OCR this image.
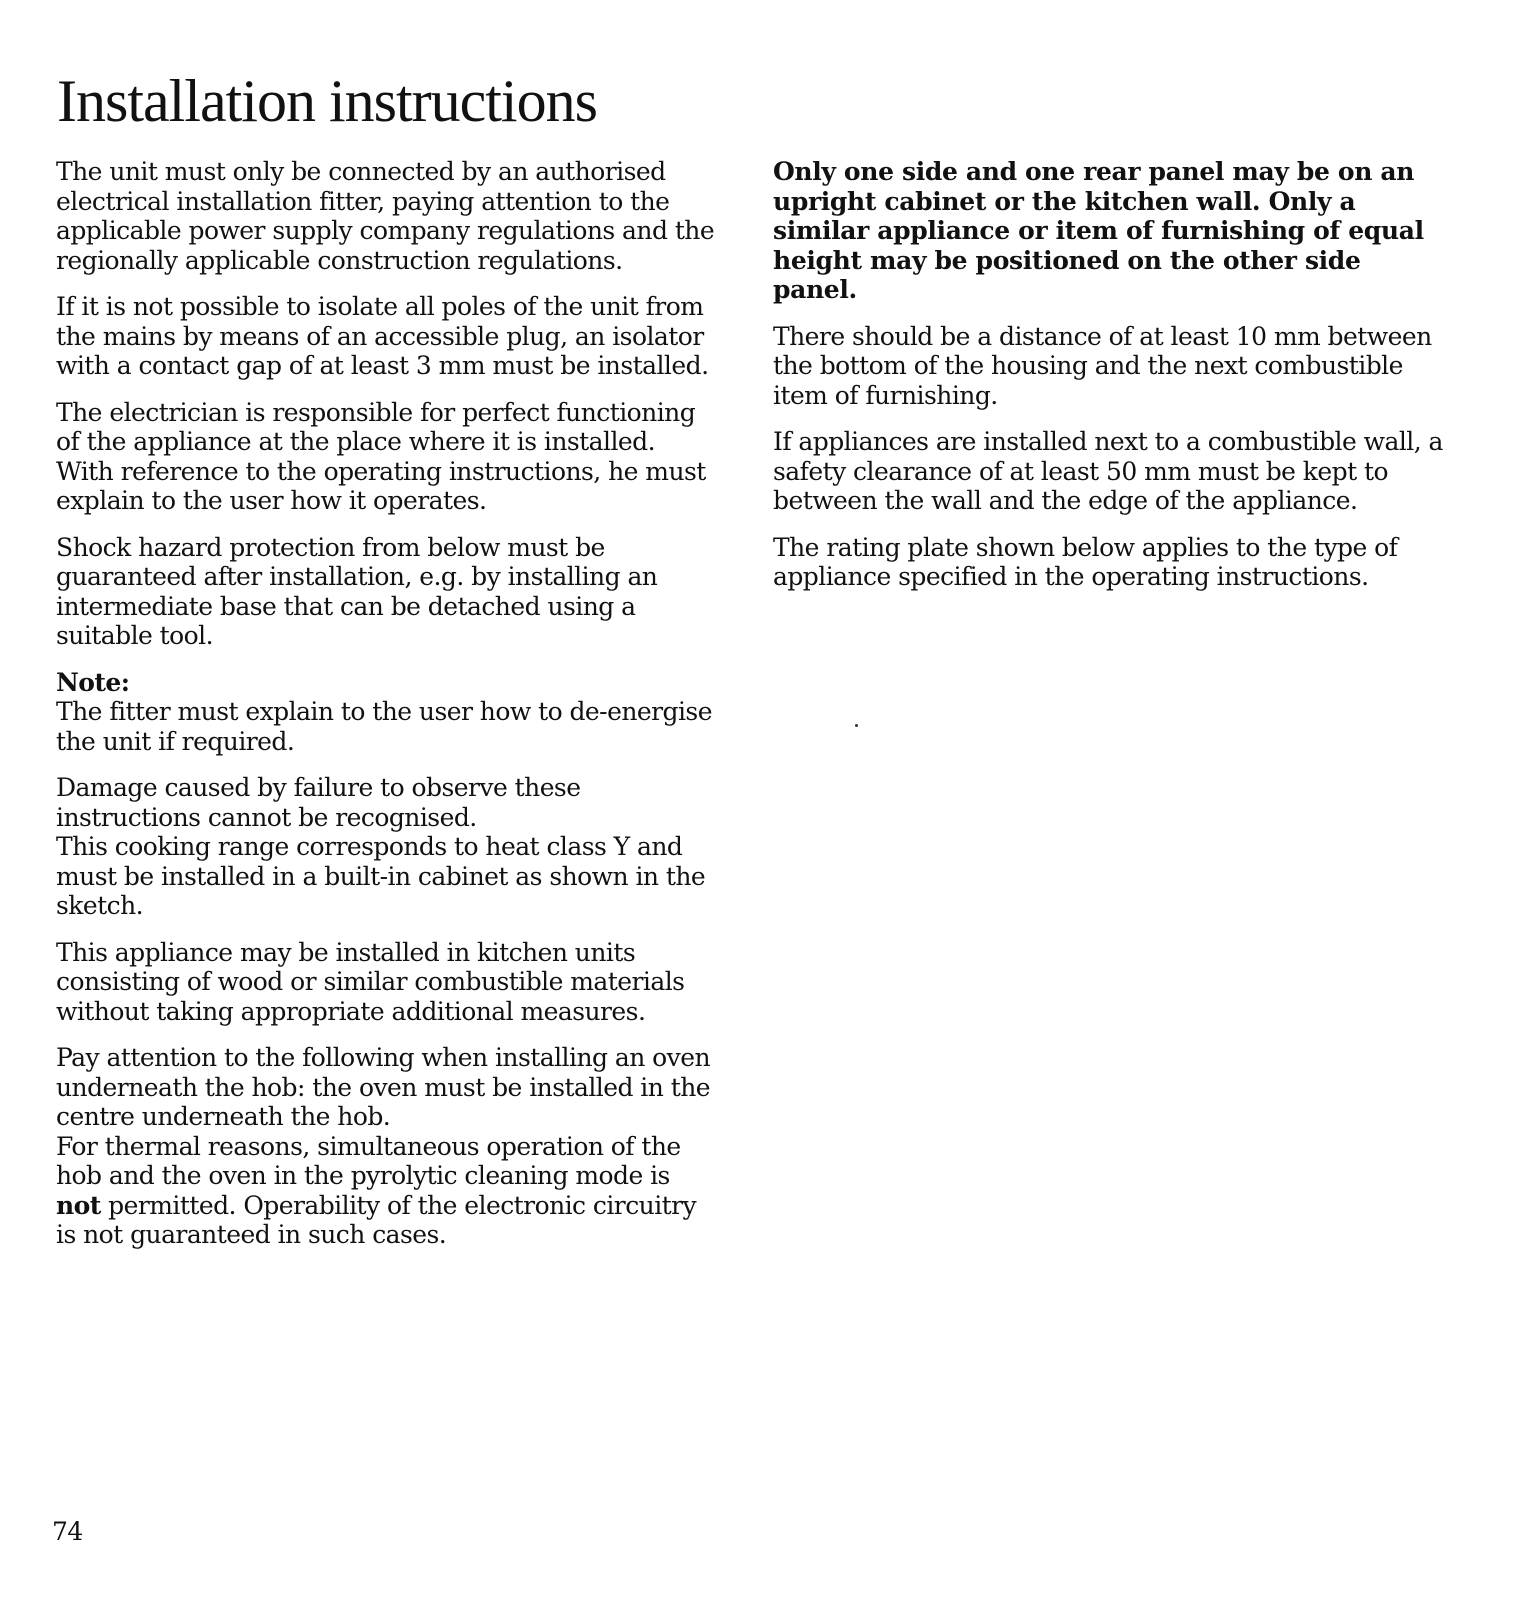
Installation instructions

The unit must only be connected by an authorised electrical installation fitter, paying attention to the applicable power supply company regulations and the regionally applicable construction regulations.

If it is not possible to isolate all poles of the unit from the mains by means of an accessible plug, an isolator with a contact gap of at least 3 mm must be installed.

The electrician is responsible for perfect functioning of the appliance at the place where it is installed. With reference to the operating instructions, he must explain to the user how it operates.

Shock hazard protection from below must be guaranteed after installation, e.g. by installing an intermediate base that can be detached using a suitable tool.

Note:

The fitter must explain to the user how to de-energise the unit if required.

Damage caused by failure to observe these instructions cannot be recognised.

This cooking range corresponds to heat class Y and must be installed in a built-in cabinet as shown in the sketch.

This appliance may be installed in kitchen units consisting of wood or similar combustible materials without taking appropriate additional measures.

Pay attention to the following when installing an oven underneath the hob: the oven must be installed in the centre underneath the hob.

For thermal reasons, simultaneous operation of the hob and the oven in the pyrolytic cleaning mode is not permitted. Operability of the electronic circuitry is not guaranteed in such cases.

Only one side and one rear panel may be on an upright cabinet or the kitchen wall. Only a similar appliance or item of furnishing of equal height may be positioned on the other side panel.

There should be a distance of at least 10 mm between the bottom of the housing and the next combustible item of furnishing.

If appliances are installed next to a combustible wall, a safety clearance of at least 50 mm must be kept to between the wall and the edge of the appliance.

The rating plate shown below applies to the type of appliance specified in the operating instructions.

74
